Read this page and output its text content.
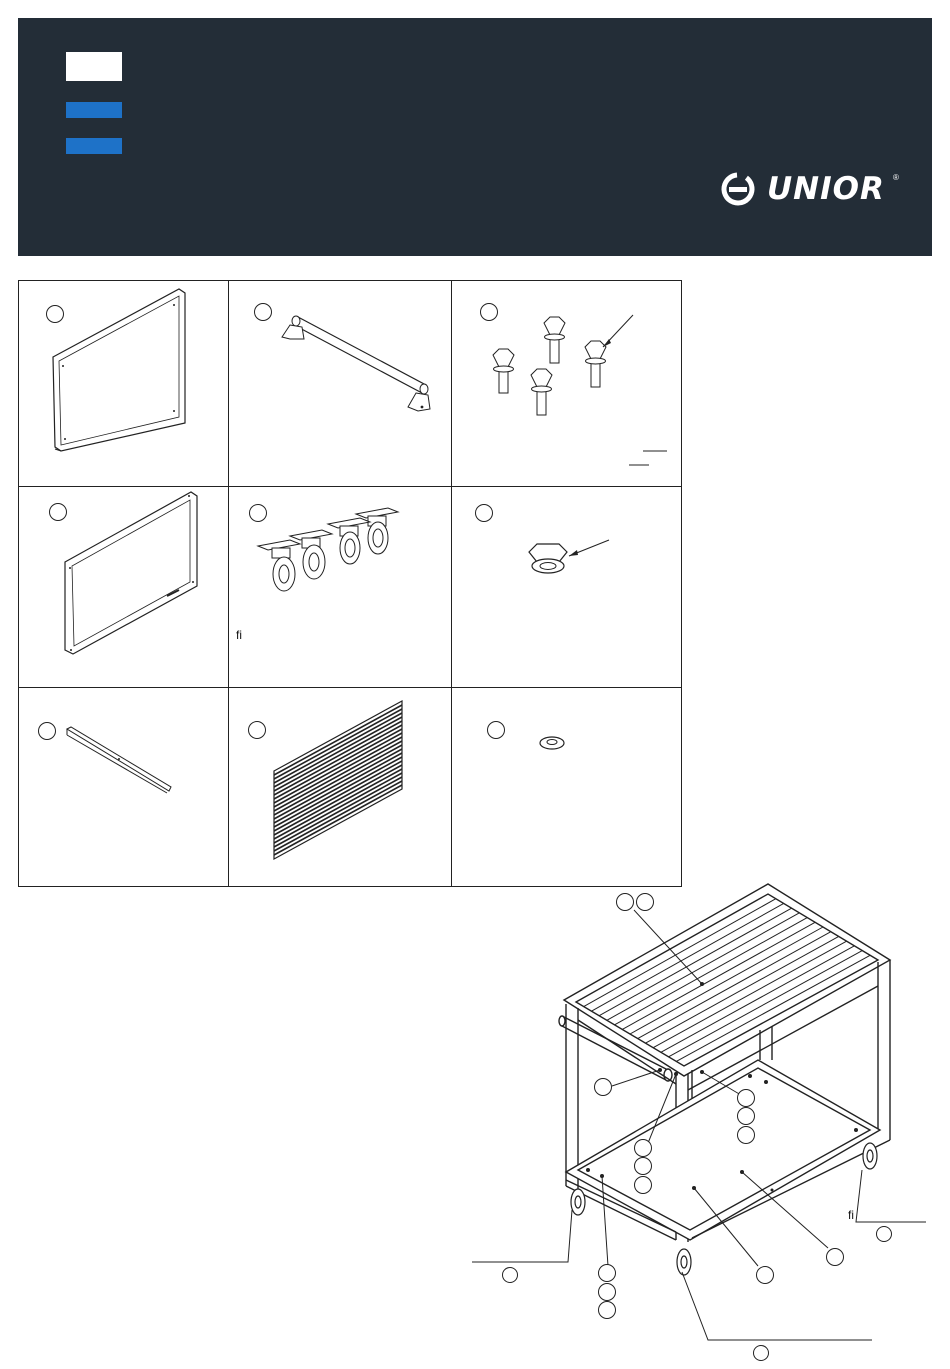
UNIOR ®
ﬁ
ﬁ
